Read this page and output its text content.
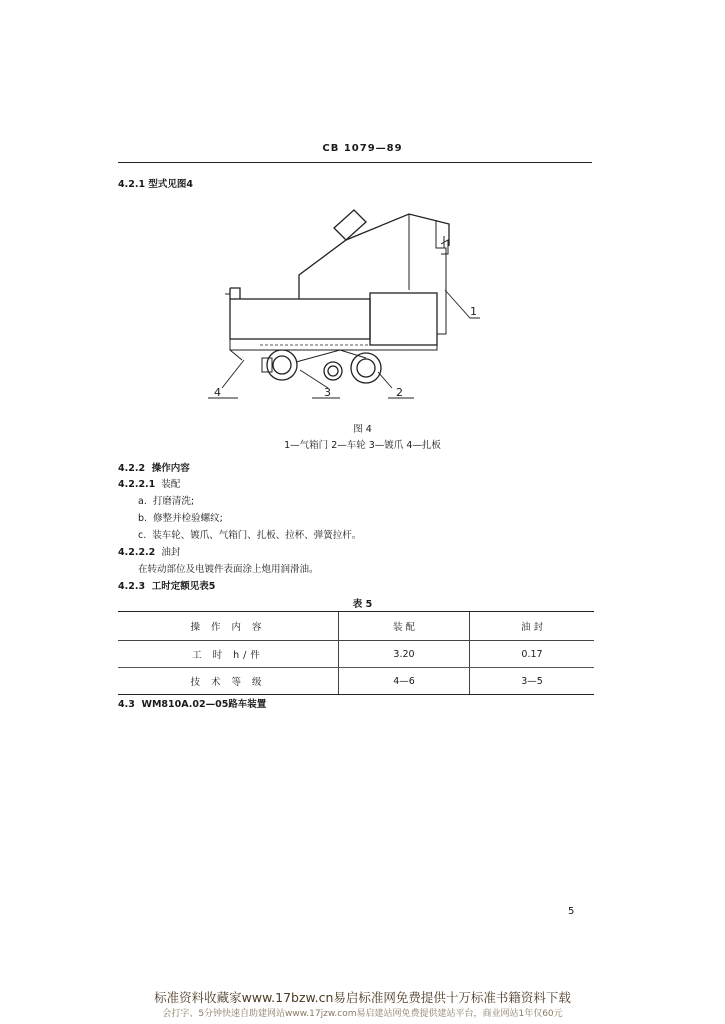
CB 1079—89
4.2.1 型式见图4
1
2
3
4
图 4
1—气箱门 2—车轮 3—镀爪 4—扎板
4.2.2 操作内容
4.2.2.1 装配
a. 打磨清洗;
b. 修整并检验螺纹;
c. 装车轮、镀爪、气箱门、扎板、拉杯、弹簧拉杆。
4.2.2.2 油封
在转动部位及电镀件表面涂上炮用润滑油。
4.2.3 工时定额见表5
表 5
操 作 内 容	装 配	油 封
工 时 h/件	3.20	0.17
技 术 等 级	4—6	3—5
4.3 WM810A.02—05路车装置
5
标准资料收藏家www.17bzw.cn易启标准网免费提供十万标准书籍资料下载
会打字、5分钟快速自助建网站www.17jzw.com易启建站网免费提供建站平台，商业网站1年仅60元
